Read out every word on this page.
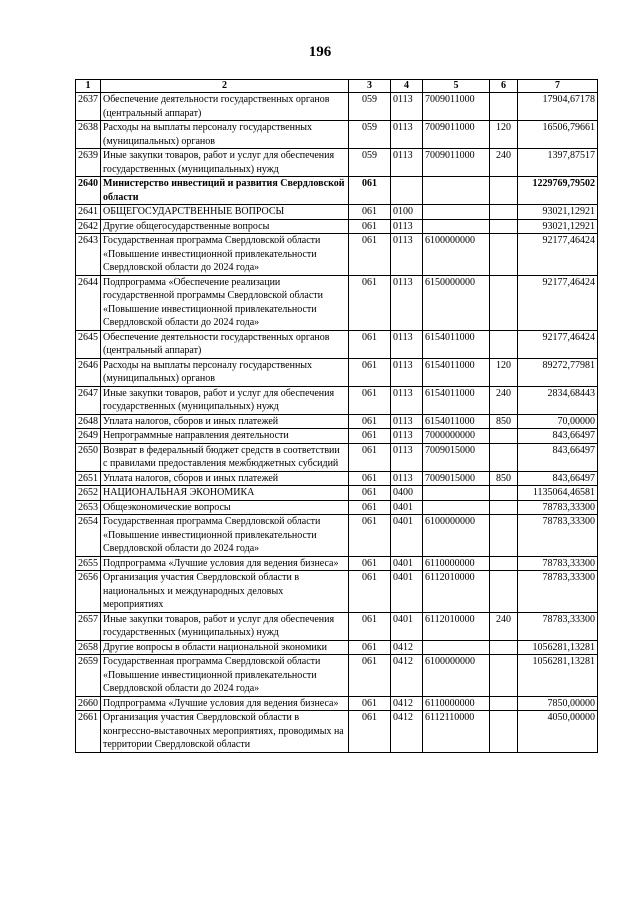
196
1	2	3	4	5	6	7
2637	Обеспечение деятельности государственных органов (центральный аппарат)	059	0113	7009011000		17904,67178
2638	Расходы на выплаты персоналу государственных (муниципальных) органов	059	0113	7009011000	120	16506,79661
2639	Иные закупки товаров, работ и услуг для обеспечения государственных (муниципальных) нужд	059	0113	7009011000	240	1397,87517
2640	Министерство инвестиций и развития Свердловской области	061				1229769,79502
2641	ОБЩЕГОСУДАРСТВЕННЫЕ ВОПРОСЫ	061	0100			93021,12921
2642	Другие общегосударственные вопросы	061	0113			93021,12921
2643	Государственная программа Свердловской области «Повышение инвестиционной привлекательности Свердловской области до 2024 года»	061	0113	6100000000		92177,46424
2644	Подпрограмма «Обеспечение реализации государственной программы Свердловской области «Повышение инвестиционной привлекательности Свердловской области до 2024 года»	061	0113	6150000000		92177,46424
2645	Обеспечение деятельности государственных органов (центральный аппарат)	061	0113	6154011000		92177,46424
2646	Расходы на выплаты персоналу государственных (муниципальных) органов	061	0113	6154011000	120	89272,77981
2647	Иные закупки товаров, работ и услуг для обеспечения государственных (муниципальных) нужд	061	0113	6154011000	240	2834,68443
2648	Уплата налогов, сборов и иных платежей	061	0113	6154011000	850	70,00000
2649	Непрограммные направления деятельности	061	0113	7000000000		843,66497
2650	Возврат в федеральный бюджет средств в соответствии с правилами предоставления межбюджетных субсидий	061	0113	7009015000		843,66497
2651	Уплата налогов, сборов и иных платежей	061	0113	7009015000	850	843,66497
2652	НАЦИОНАЛЬНАЯ ЭКОНОМИКА	061	0400			1135064,46581
2653	Общеэкономические вопросы	061	0401			78783,33300
2654	Государственная программа Свердловской области «Повышение инвестиционной привлекательности Свердловской области до 2024 года»	061	0401	6100000000		78783,33300
2655	Подпрограмма «Лучшие условия для ведения бизнеса»	061	0401	6110000000		78783,33300
2656	Организация участия Свердловской области в национальных и международных деловых мероприятиях	061	0401	6112010000		78783,33300
2657	Иные закупки товаров, работ и услуг для обеспечения государственных (муниципальных) нужд	061	0401	6112010000	240	78783,33300
2658	Другие вопросы в области национальной экономики	061	0412			1056281,13281
2659	Государственная программа Свердловской области «Повышение инвестиционной привлекательности Свердловской области до 2024 года»	061	0412	6100000000		1056281,13281
2660	Подпрограмма «Лучшие условия для ведения бизнеса»	061	0412	6110000000		7850,00000
2661	Организация участия Свердловской области в конгрессно-выставочных мероприятиях, проводимых на территории Свердловской области	061	0412	6112110000		4050,00000
